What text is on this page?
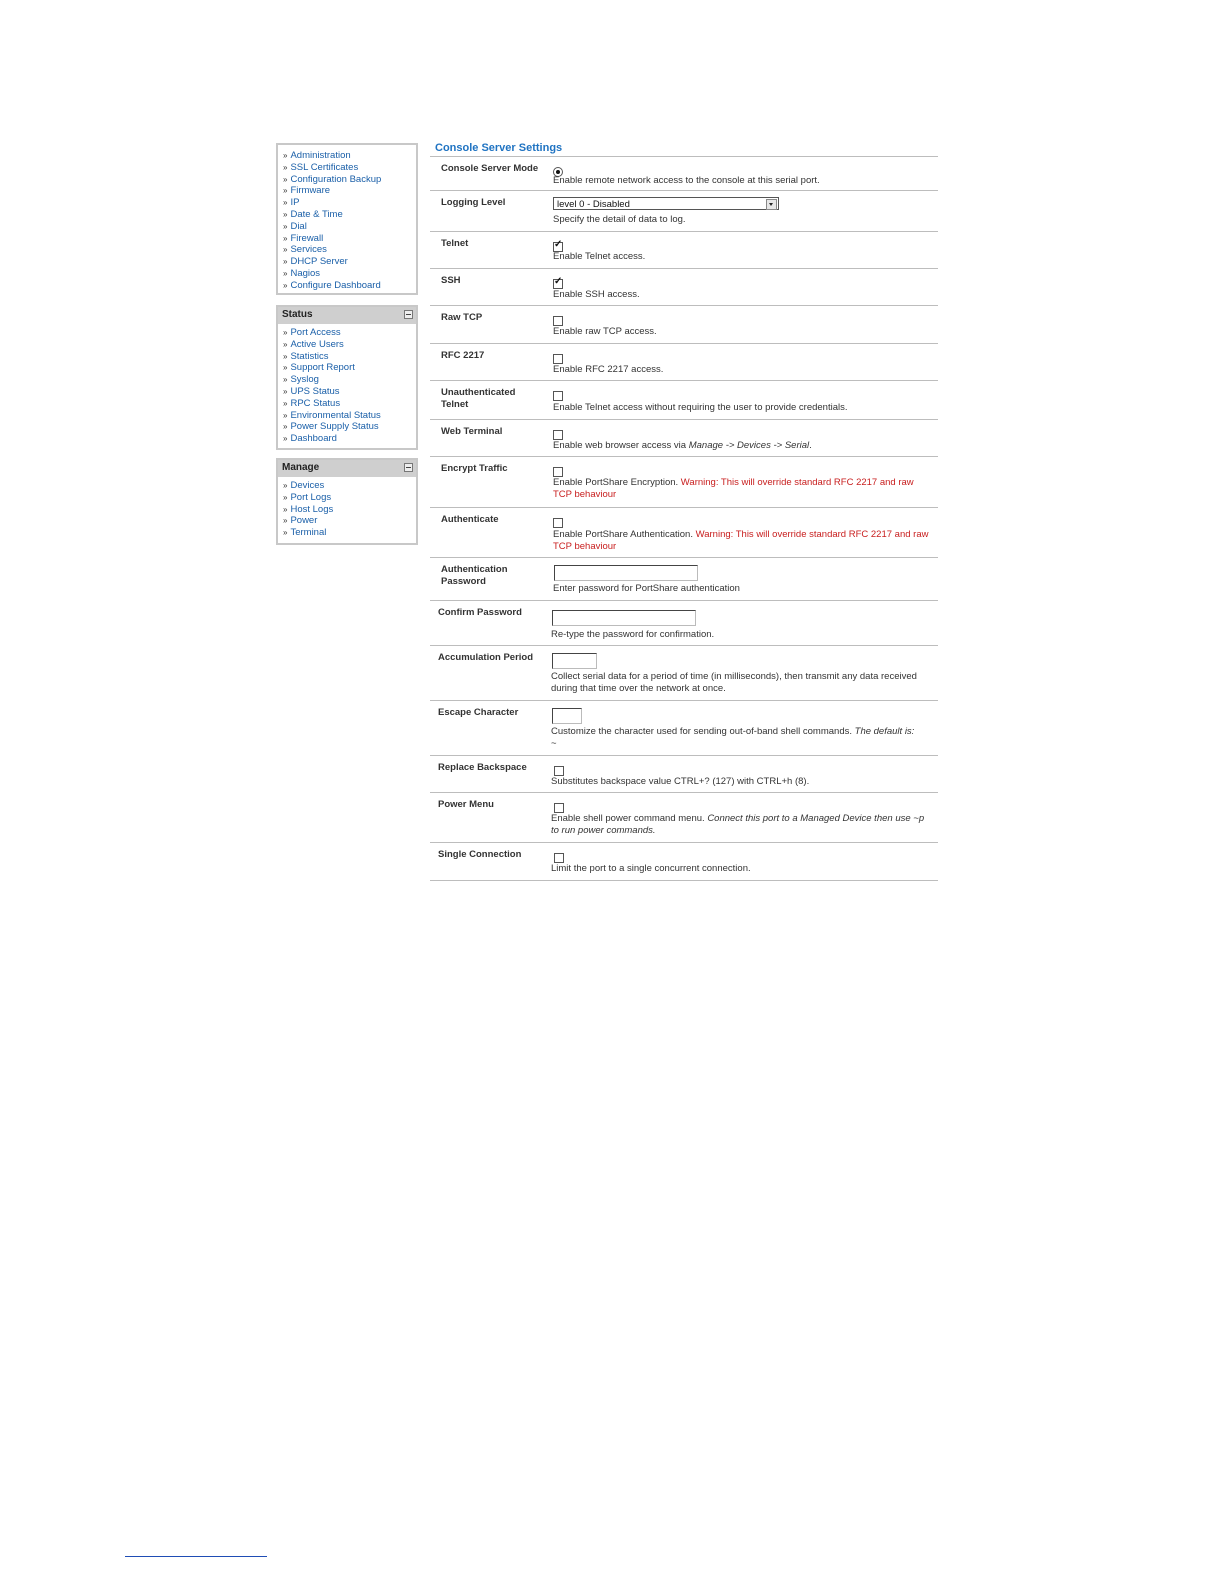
» Administration
» SSL Certificates
» Configuration Backup
» Firmware
» IP
» Date & Time
» Dial
» Firewall
» Services
» DHCP Server
» Nagios
» Configure Dashboard
Status
» Port Access
» Active Users
» Statistics
» Support Report
» Syslog
» UPS Status
» RPC Status
» Environmental Status
» Power Supply Status
» Dashboard
Manage
» Devices
» Port Logs
» Host Logs
» Power
» Terminal
Console Server Settings
Console Server Mode
Enable remote network access to the console at this serial port.
Logging Level	level 0 - Disabled
Specify the detail of data to log.
Telnet
✓
Enable Telnet access.
SSH
✓
Enable SSH access.
Raw TCP
Enable raw TCP access.
RFC 2217
Enable RFC 2217 access.
Unauthenticated Telnet	Enable Telnet access without requiring the user to provide credentials.
Web Terminal
Enable web browser access via Manage -> Devices -> Serial.
Encrypt Traffic
Enable PortShare Encryption. Warning: This will override standard RFC 2217 and raw TCP behaviour
Authenticate
Enable PortShare Authentication. Warning: This will override standard RFC 2217 and raw TCP behaviour
Authentication Password
Enter password for PortShare authentication
Confirm Password
Re-type the password for confirmation.
Accumulation Period
Collect serial data for a period of time (in milliseconds), then transmit any data received during that time over the network at once.
Escape Character
Customize the character used for sending out-of-band shell commands. The default is:
~
Replace Backspace
Substitutes backspace value CTRL+? (127) with CTRL+h (8).
Power Menu
Enable shell power command menu. Connect this port to a Managed Device then use ~p to run power commands.
Single Connection
Limit the port to a single concurrent connection.
